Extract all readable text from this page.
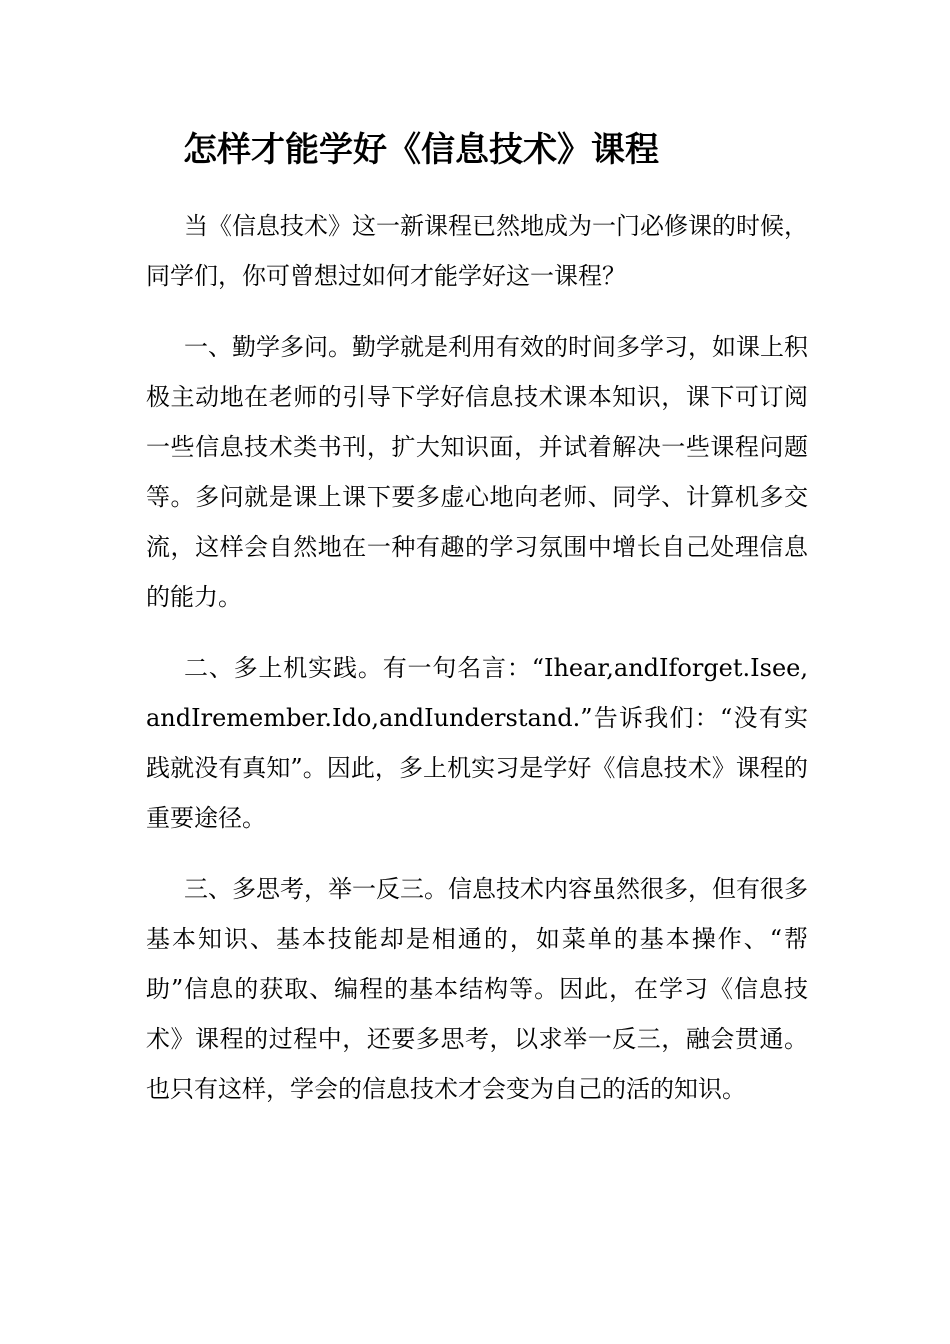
怎样才能学好《信息技术》课程

当《信息技术》这一新课程已然地成为一门必修课的时候，同学们，你可曾想过如何才能学好这一课程？

一、勤学多问。勤学就是利用有效的时间多学习，如课上积极主动地在老师的引导下学好信息技术课本知识，课下可订阅一些信息技术类书刊，扩大知识面，并试着解决一些课程问题等。多问就是课上课下要多虚心地向老师、同学、计算机多交流，这样会自然地在一种有趣的学习氛围中增长自己处理信息的能力。

二、多上机实践。有一句名言：“Ihear,andIforget.Isee,andIremember.Ido,andIunderstand.”告诉我们：“没有实践就没有真知”。因此，多上机实习是学好《信息技术》课程的重要途径。

三、多思考，举一反三。信息技术内容虽然很多，但有很多基本知识、基本技能却是相通的，如菜单的基本操作、“帮助”信息的获取、编程的基本结构等。因此，在学习《信息技术》课程的过程中，还要多思考，以求举一反三，融会贯通。也只有这样，学会的信息技术才会变为自己的活的知识。
